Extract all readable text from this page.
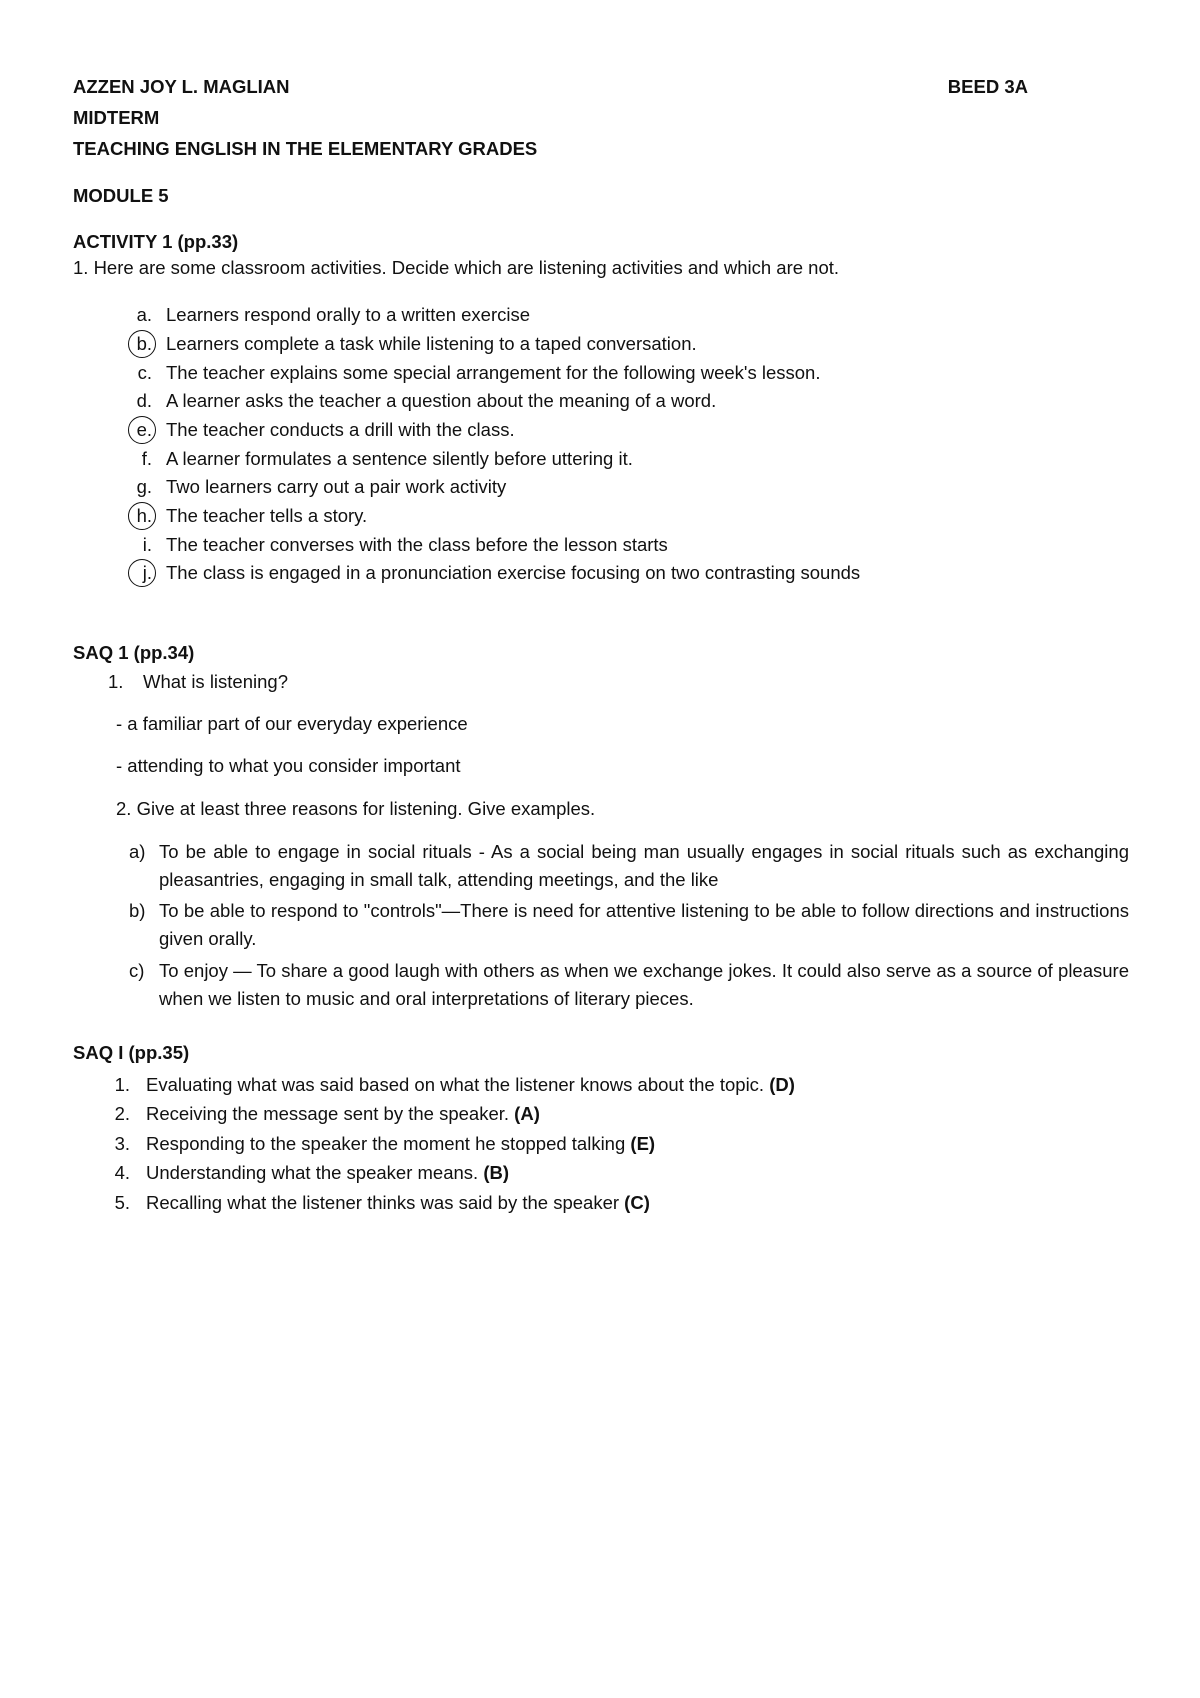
AZZEN JOY L. MAGLIAN	BEED 3A
MIDTERM
TEACHING ENGLISH IN THE ELEMENTARY GRADES
MODULE 5
ACTIVITY 1 (pp.33)
1. Here are some classroom activities. Decide which are listening activities and which are not.
a. Learners respond orally to a written exercise
b. Learners complete a task while listening to a taped conversation.
c. The teacher explains some special arrangement for the following week's lesson.
d. A learner asks the teacher a question about the meaning of a word.
e. The teacher conducts a drill with the class.
f. A learner formulates a sentence silently before uttering it.
g. Two learners carry out a pair work activity
h. The teacher tells a story.
i. The teacher converses with the class before the lesson starts
j. The class is engaged in a pronunciation exercise focusing on two contrasting sounds
SAQ 1 (pp.34)
1. What is listening?
- a familiar part of our everyday experience
- attending to what you consider important
2. Give at least three reasons for listening. Give examples.
a) To be able to engage in social rituals - As a social being man usually engages in social rituals such as exchanging pleasantries, engaging in small talk, attending meetings, and the like
b) To be able to respond to "controls"—There is need for attentive listening to be able to follow directions and instructions given orally.
c) To enjoy — To share a good laugh with others as when we exchange jokes. It could also serve as a source of pleasure when we listen to music and oral interpretations of literary pieces.
SAQ I (pp.35)
1. Evaluating what was said based on what the listener knows about the topic. (D)
2. Receiving the message sent by the speaker. (A)
3. Responding to the speaker the moment he stopped talking (E)
4. Understanding what the speaker means. (B)
5. Recalling what the listener thinks was said by the speaker (C)
